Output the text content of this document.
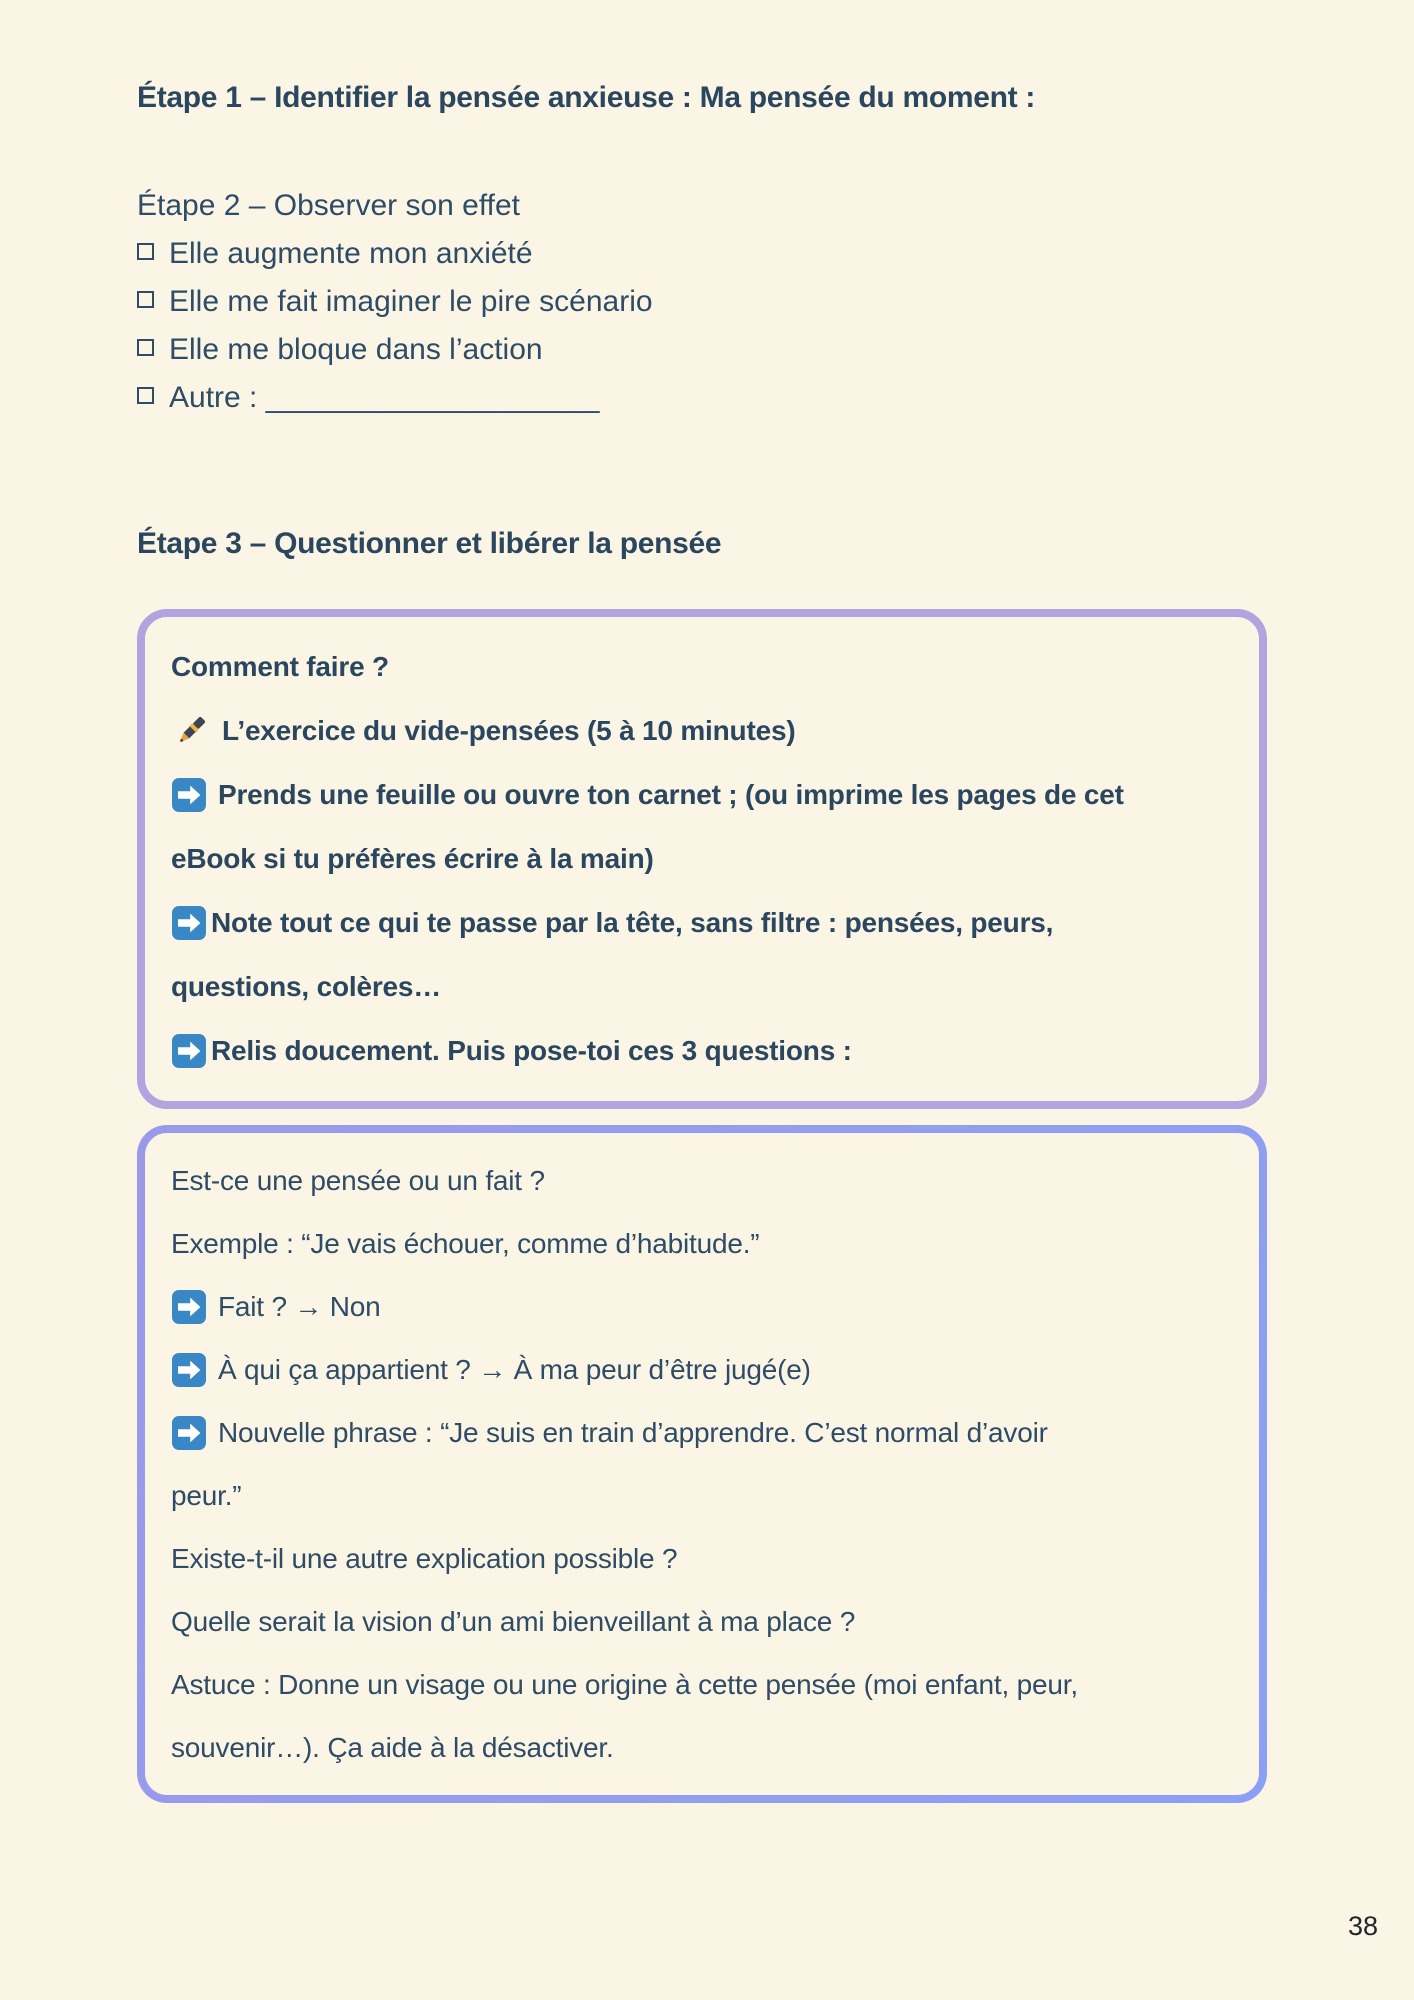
Étape 1 – Identifier la pensée anxieuse : Ma pensée du moment :
Étape 2 – Observer son effet
Elle augmente mon anxiété
Elle me fait imaginer le pire scénario
Elle me bloque dans l’action
Autre : ____________________
Étape 3 – Questionner et libérer la pensée
Comment faire ?
L’exercice du vide-pensées (5 à 10 minutes)
Prends une feuille ou ouvre ton carnet ; (ou imprime les pages de cet
eBook si tu préfères écrire à la main)
Note tout ce qui te passe par la tête, sans filtre : pensées, peurs,
questions, colères…
Relis doucement. Puis pose-toi ces 3 questions :
Est-ce une pensée ou un fait ?
Exemple : “Je vais échouer, comme d’habitude.”
Fait ? → Non
À qui ça appartient ? → À ma peur d’être jugé(e)
Nouvelle phrase : “Je suis en train d’apprendre. C’est normal d’avoir
peur.”
Existe-t-il une autre explication possible ?
Quelle serait la vision d’un ami bienveillant à ma place ?
Astuce : Donne un visage ou une origine à cette pensée (moi enfant, peur,
souvenir…). Ça aide à la désactiver.
38
